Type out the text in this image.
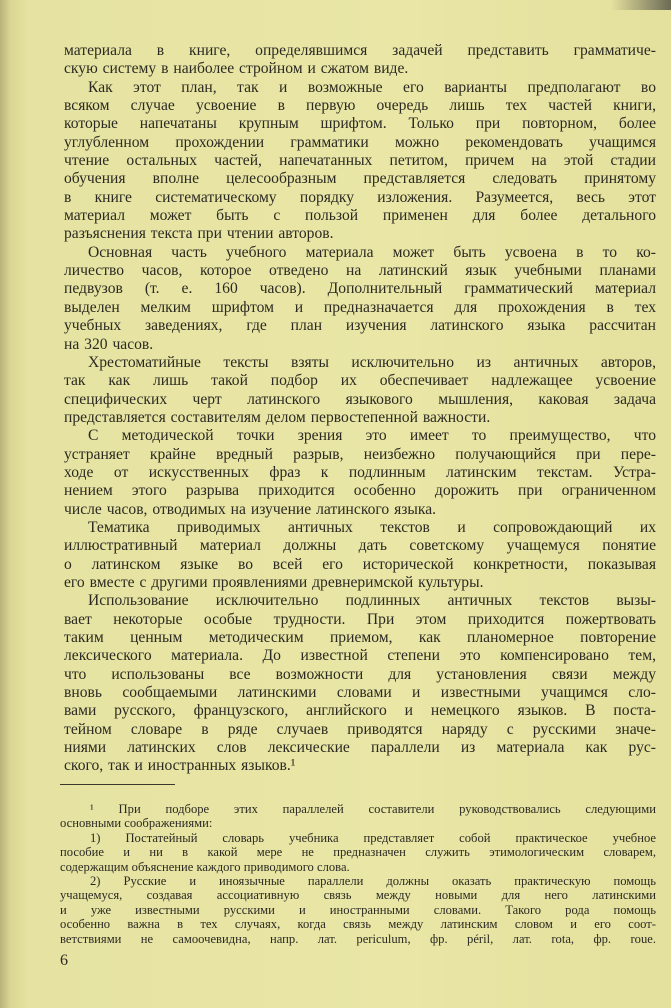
материала в книге, определявшимся задачей представить грамматиче-
скую систему в наиболее стройном и сжатом виде.
Как этот план, так и возможные его варианты предполагают во
всяком случае усвоение в первую очередь лишь тех частей книги,
которые напечатаны крупным шрифтом. Только при повторном, более
углубленном прохождении грамматики можно рекомендовать учащимся
чтение остальных частей, напечатанных петитом, причем на этой стадии
обучения вполне целесообразным представляется следовать принятому
в книге систематическому порядку изложения. Разумеется, весь этот
материал может быть с пользой применен для более детального
разъяснения текста при чтении авторов.
Основная часть учебного материала может быть усвоена в то ко-
личество часов, которое отведено на латинский язык учебными планами
педвузов (т. е. 160 часов). Дополнительный грамматический материал
выделен мелким шрифтом и предназначается для прохождения в тех
учебных заведениях, где план изучения латинского языка рассчитан
на 320 часов.
Хрестоматийные тексты взяты исключительно из античных авторов,
так как лишь такой подбор их обеспечивает надлежащее усвоение
специфических черт латинского языкового мышления, каковая задача
представляется составителям делом первостепенной важности.
С методической точки зрения это имеет то преимущество, что
устраняет крайне вредный разрыв, неизбежно получающийся при пере-
ходе от искусственных фраз к подлинным латинским текстам. Устра-
нением этого разрыва приходится особенно дорожить при ограниченном
числе часов, отводимых на изучение латинского языка.
Тематика приводимых античных текстов и сопровождающий их
иллюстративный материал должны дать советскому учащемуся понятие
о латинском языке во всей его исторической конкретности, показывая
его вместе с другими проявлениями древнеримской культуры.
Использование исключительно подлинных античных текстов вызы-
вает некоторые особые трудности. При этом приходится пожертвовать
таким ценным методическим приемом, как планомерное повторение
лексического материала. До известной степени это компенсировано тем,
что использованы все возможности для установления связи между
вновь сообщаемыми латинскими словами и известными учащимся сло-
вами русского, французского, английского и немецкого языков. В поста-
тейном словаре в ряде случаев приводятся наряду с русскими значе-
ниями латинских слов лексические параллели из материала как рус-
ского, так и иностранных языков.¹
¹ При подборе этих параллелей составители руководствовались следующими
основными соображениями:
1) Постатейный словарь учебника представляет собой практическое учебное
пособие и ни в какой мере не предназначен служить этимологическим словарем,
содержащим объяснение каждого приводимого слова.
2) Русские и иноязычные параллели должны оказать практическую помощь
учащемуся, создавая ассоциативную связь между новыми для него латинскими
и уже известными русскими и иностранными словами. Такого рода помощь
особенно важна в тех случаях, когда связь между латинским словом и его соот-
ветствиями не самоочевидна, напр. лат. periculum, фр. péril, лат. rota, фр. roue.
6
